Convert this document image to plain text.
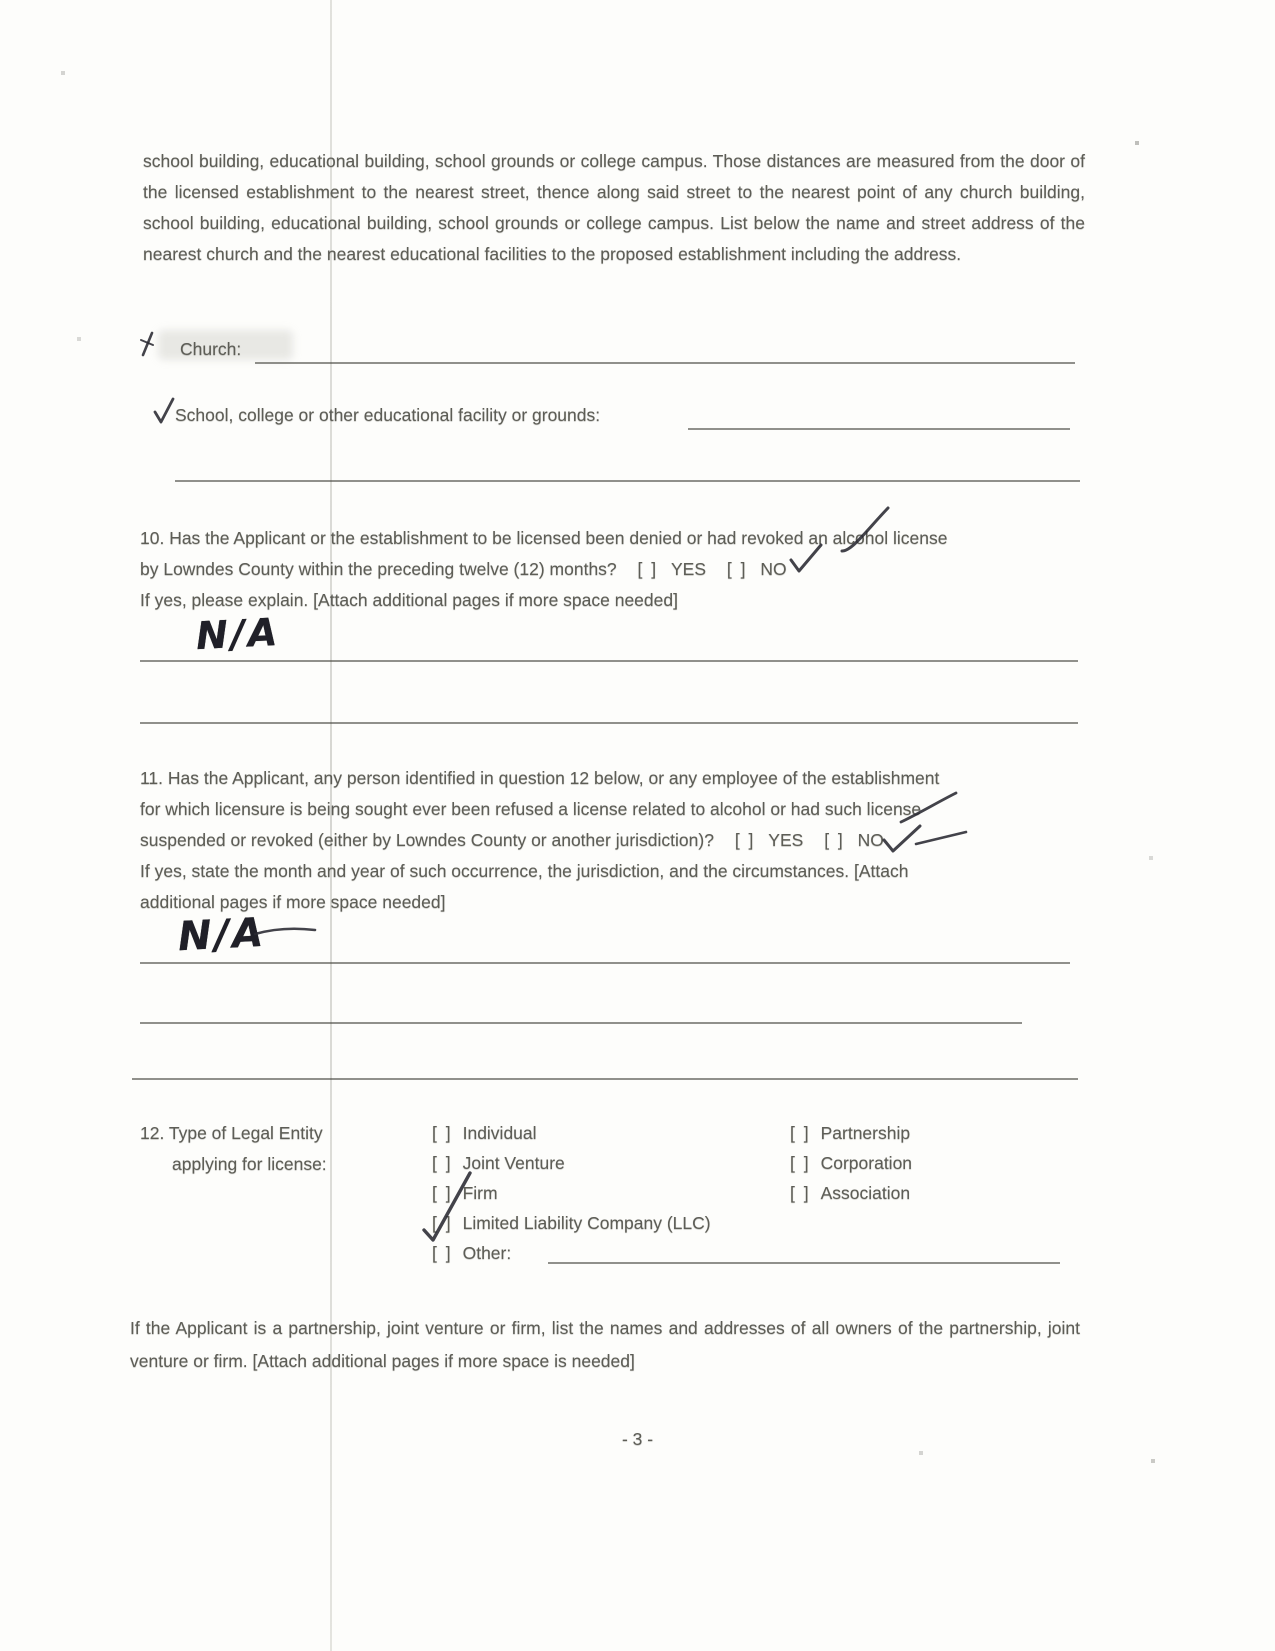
school building, educational building, school grounds or college campus. Those distances are measured from the door of the licensed establishment to the nearest street, thence along said street to the nearest point of any church building, school building, educational building, school grounds or college campus. List below the name and street address of the nearest church and the nearest educational facilities to the proposed establishment including the address.
Church:
School, college or other educational facility or grounds:
10. Has the Applicant or the establishment to be licensed been denied or had revoked an alcohol license
by Lowndes County within the preceding twelve (12) months? [ ] YES [ ] NO
If yes, please explain. [Attach additional pages if more space needed]
N/A
11. Has the Applicant, any person identified in question 12 below, or any employee of the establishment
for which licensure is being sought ever been refused a license related to alcohol or had such license
suspended or revoked (either by Lowndes County or another jurisdiction)? [ ] YES [ ] NO
If yes, state the month and year of such occurrence, the jurisdiction, and the circumstances. [Attach
additional pages if more space needed]
N/A
12. Type of Legal Entity
applying for license:
[ ] Individual
[ ] Joint Venture
[ ] Firm
[ ] Limited Liability Company (LLC)
[ ] Other:
[ ] Partnership
[ ] Corporation
[ ] Association
If the Applicant is a partnership, joint venture or firm, list the names and addresses of all owners of the partnership, joint venture or firm. [Attach additional pages if more space is needed]
- 3 -
